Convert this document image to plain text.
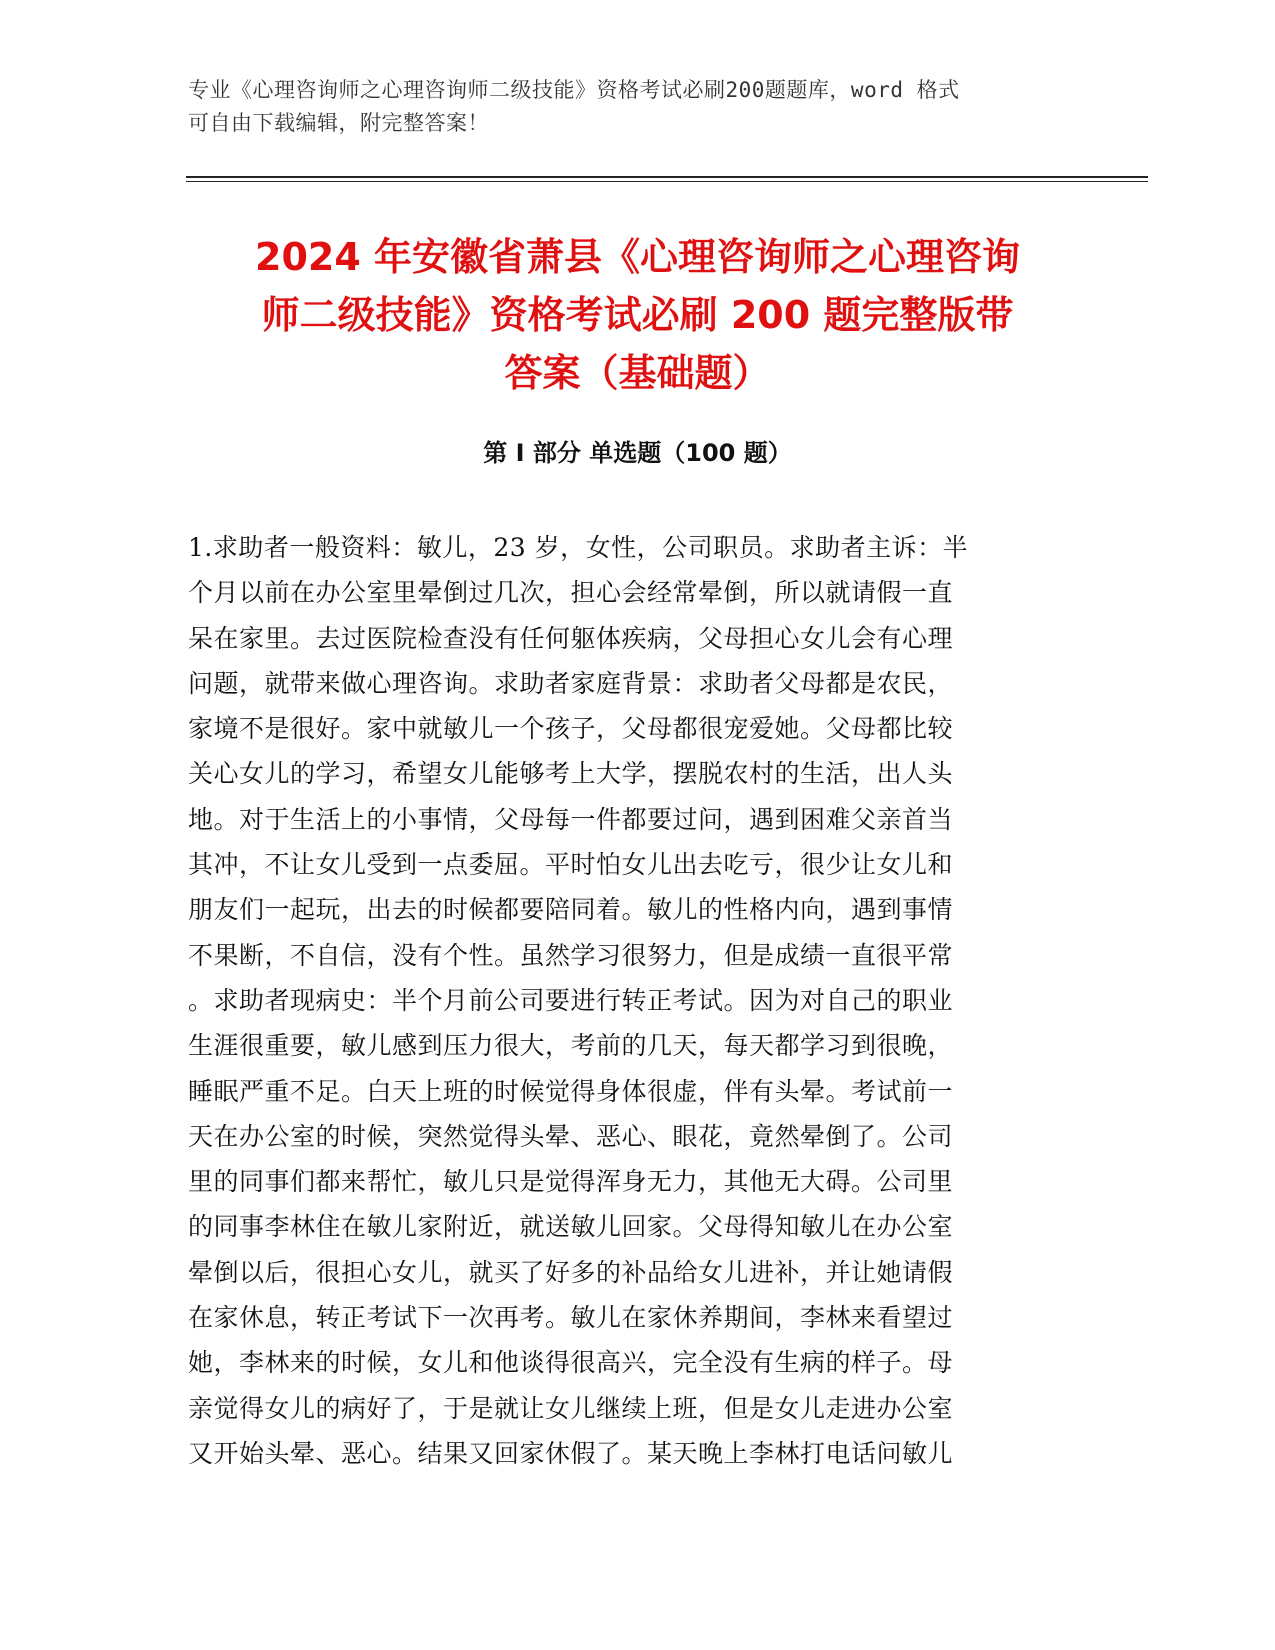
专业《心理咨询师之心理咨询师二级技能》资格考试必刷200题题库，word 格式
可自由下载编辑，附完整答案！
2024 年安徽省萧县《心理咨询师之心理咨询
师二级技能》资格考试必刷 200 题完整版带
答案（基础题）
第 I 部分 单选题（100 题）
1.求助者一般资料：敏儿，23 岁，女性，公司职员。求助者主诉：半
个月以前在办公室里晕倒过几次，担心会经常晕倒，所以就请假一直
呆在家里。去过医院检查没有任何躯体疾病，父母担心女儿会有心理
问题，就带来做心理咨询。求助者家庭背景：求助者父母都是农民，
家境不是很好。家中就敏儿一个孩子，父母都很宠爱她。父母都比较
关心女儿的学习，希望女儿能够考上大学，摆脱农村的生活，出人头
地。对于生活上的小事情，父母每一件都要过问，遇到困难父亲首当
其冲，不让女儿受到一点委屈。平时怕女儿出去吃亏，很少让女儿和
朋友们一起玩，出去的时候都要陪同着。敏儿的性格内向，遇到事情
不果断，不自信，没有个性。虽然学习很努力，但是成绩一直很平常
。求助者现病史：半个月前公司要进行转正考试。因为对自己的职业
生涯很重要，敏儿感到压力很大，考前的几天，每天都学习到很晚，
睡眠严重不足。白天上班的时候觉得身体很虚，伴有头晕。考试前一
天在办公室的时候，突然觉得头晕、恶心、眼花，竟然晕倒了。公司
里的同事们都来帮忙，敏儿只是觉得浑身无力，其他无大碍。公司里
的同事李林住在敏儿家附近，就送敏儿回家。父母得知敏儿在办公室
晕倒以后，很担心女儿，就买了好多的补品给女儿进补，并让她请假
在家休息，转正考试下一次再考。敏儿在家休养期间，李林来看望过
她，李林来的时候，女儿和他谈得很高兴，完全没有生病的样子。母
亲觉得女儿的病好了，于是就让女儿继续上班，但是女儿走进办公室
又开始头晕、恶心。结果又回家休假了。某天晚上李林打电话问敏儿
